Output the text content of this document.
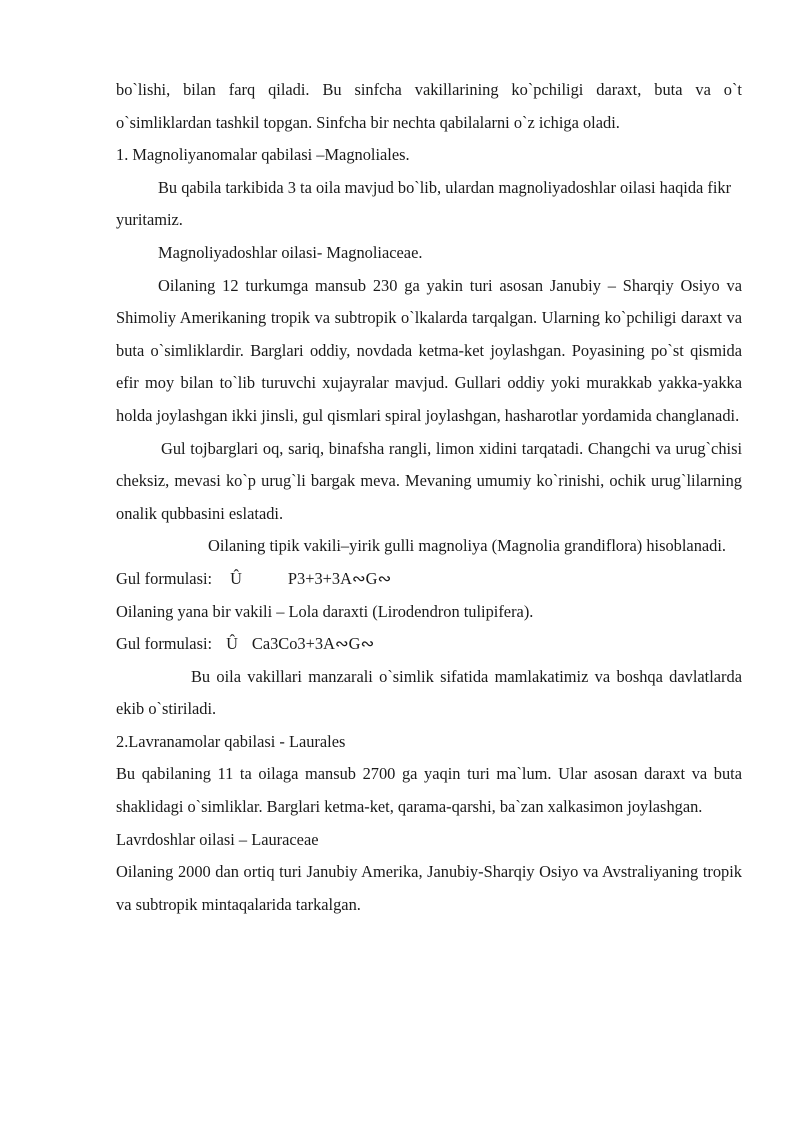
bo`lishi, bilan farq qiladi. Bu sinfcha vakillarining ko`pchiligi daraxt, buta va o`t o`simliklardan tashkil topgan. Sinfcha bir nechta qabilalarni o`z ichiga oladi.

1. Magnoliyanomalar qabilasi –Magnoliales.

Bu qabila tarkibida 3 ta oila mavjud bo`lib, ulardan magnoliyadoshlar oilasi haqida fikr yuritamiz.

Magnoliyadoshlar oilasi- Magnoliaceae.

Oilaning 12 turkumga mansub 230 ga yakin turi asosan Janubiy – Sharqiy Osiyo va Shimoliy Amerikaning tropik va subtropik o`lkalarda tarqalgan. Ularning ko`pchiligi daraxt va buta o`simliklardir. Barglari oddiy, novdada ketma-ket joylashgan. Poyasining po`st qismida efir moy bilan to`lib turuvchi xujayralar mavjud. Gullari oddiy yoki murakkab yakka-yakka holda joylashgan ikki jinsli, gul qismlari spiral joylashgan, hasharotlar yordamida changlanadi.

Gul tojbarglari oq, sariq, binafsha rangli, limon xidini tarqatadi. Changchi va urug`chisi cheksiz, mevasi ko`p urug`li bargak meva. Mevaning umumiy ko`rinishi, ochik urug`lilarning onalik qubbasini eslatadi.

Oilaning tipik vakili–yirik gulli magnoliya (Magnolia grandiflora) hisoblanadi.

Gul formulasi: Û	P3+3+3A∾G∾

Oilaning yana bir vakili – Lola daraxti (Lirodendron tulipifera).

Gul formulasi: Û Ca3Co3+3A∾G∾

Bu oila vakillari manzarali o`simlik sifatida mamlakatimiz va boshqa davlatlarda ekib o`stiriladi.

2.Lavranamolar qabilasi - Laurales

Bu qabilaning 11 ta oilaga mansub 2700 ga yaqin turi ma`lum. Ular asosan daraxt va buta shaklidagi o`simliklar. Barglari ketma-ket, qarama-qarshi, ba`zan xalkasimon joylashgan.

Lavrdoshlar oilasi – Lauraceae

Oilaning 2000 dan ortiq turi Janubiy Amerika, Janubiy-Sharqiy Osiyo va Avstraliyaning tropik va subtropik mintaqalarida tarkalgan.
